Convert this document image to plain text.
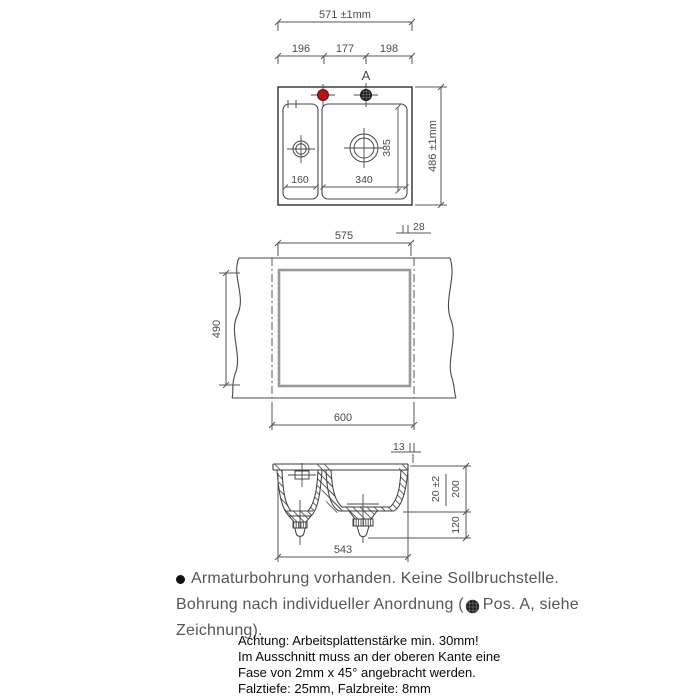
571 ±1mm
196 177 198
A
160	340
385	486 ±1mm
575
28
490
600
13
543
20 ±2 200
120
Armaturbohrung vorhanden. Keine Sollbruchstelle.
Bohrung nach individueller Anordnung ( Pos. A, siehe
Zeichnung).
Achtung: Arbeitsplattenstärke min. 30mm!
Im Ausschnitt muss an der oberen Kante eine
Fase von 2mm x 45° angebracht werden.
Falztiefe: 25mm, Falzbreite: 8mm
